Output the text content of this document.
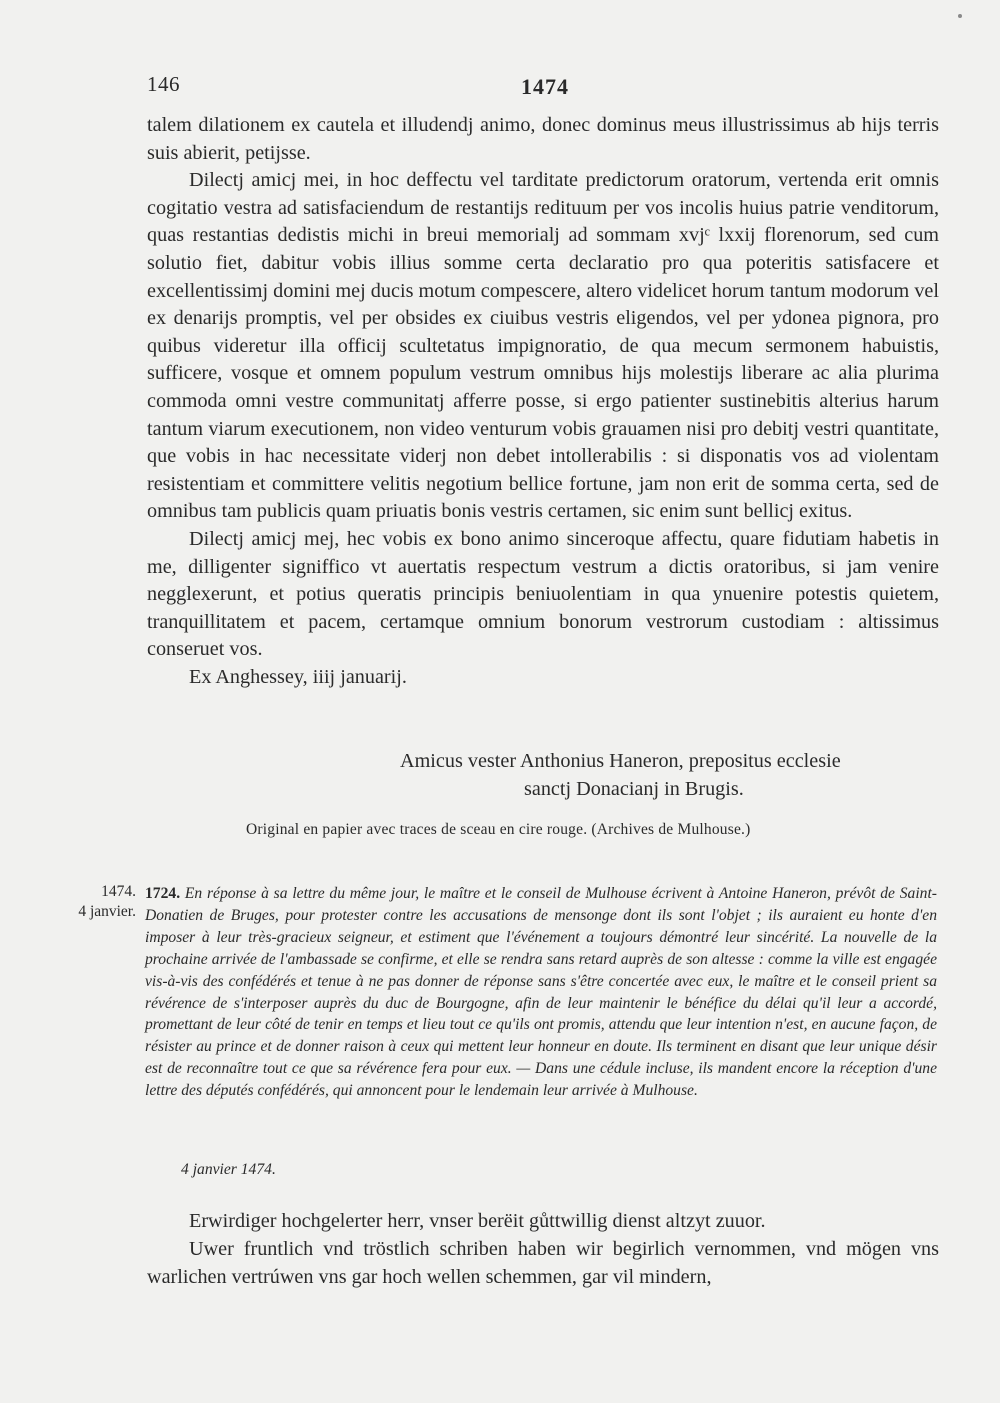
146	1474

talem dilationem ex cautela et illudendj animo, donec dominus meus illustrissimus ab hijs terris suis abierit, petijsse.

Dilectj amicj mei, in hoc deffectu vel tarditate predictorum oratorum, vertenda erit omnis cogitatio vestra ad satisfaciendum de restantijs redituum per vos incolis huius patrie venditorum, quas restantias dedistis michi in breui memorialj ad sommam xvjᶜ lxxij florenorum, sed cum solutio fiet, dabitur vobis illius somme certa declaratio pro qua poteritis satisfacere et excellentissimj domini mej ducis motum compescere, altero videlicet horum tantum modorum vel ex denarijs promptis, vel per obsides ex ciuibus vestris eligendos, vel per ydonea pignora, pro quibus videretur illa officij scultetatus impignoratio, de qua mecum sermonem habuistis, sufficere, vosque et omnem populum vestrum omnibus hijs molestijs liberare ac alia plurima commoda omni vestre communitatj afferre posse, si ergo patienter sustinebitis alterius harum tantum viarum executionem, non video venturum vobis grauamen nisi pro debitj vestri quantitate, que vobis in hac necessitate viderj non debet intollerabilis : si disponatis vos ad violentam resistentiam et committere velitis negotium bellice fortune, jam non erit de somma certa, sed de omnibus tam publicis quam priuatis bonis vestris certamen, sic enim sunt bellicj exitus.

Dilectj amicj mej, hec vobis ex bono animo sinceroque affectu, quare fidutiam habetis in me, dilligenter signiffico vt auertatis respectum vestrum a dictis oratoribus, si jam venire negglexerunt, et potius queratis principis beniuolentiam in qua ynuenire potestis quietem, tranquillitatem et pacem, certamque omnium bonorum vestrorum custodiam : altissimus conseruet vos.

Ex Anghessey, iiij januarij.

Amicus vester Anthonius Haneron, prepositus ecclesie
sanctj Donacianj in Brugis.
Original en papier avec traces de sceau en cire rouge. (Archives de Mulhouse.)
1474.
4 janvier.
1724. En réponse à sa lettre du même jour, le maître et le conseil de Mulhouse écrivent à Antoine Haneron, prévôt de Saint-Donatien de Bruges, pour protester contre les accusations de mensonge dont ils sont l'objet ; ils auraient eu honte d'en imposer à leur très-gracieux seigneur, et estiment que l'événement a toujours démontré leur sincérité. La nouvelle de la prochaine arrivée de l'ambassade se confirme, et elle se rendra sans retard auprès de son altesse : comme la ville est engagée vis-à-vis des confédérés et tenue à ne pas donner de réponse sans s'être concertée avec eux, le maître et le conseil prient sa révérence de s'interposer auprès du duc de Bourgogne, afin de leur maintenir le bénéfice du délai qu'il leur a accordé, promettant de leur côté de tenir en temps et lieu tout ce qu'ils ont promis, attendu que leur intention n'est, en aucune façon, de résister au prince et de donner raison à ceux qui mettent leur honneur en doute. Ils terminent en disant que leur unique désir est de reconnaître tout ce que sa révérence fera pour eux. — Dans une cédule incluse, ils mandent encore la réception d'une lettre des députés confédérés, qui annoncent pour le lendemain leur arrivée à Mulhouse.
4 janvier 1474.

Erwirdiger hochgelerter herr, vnser berёit gůttwillig dienst altzyt zuuor.

Uwer fruntlich vnd tröstlich schriben haben wir begirlich vernommen, vnd mögen vns warlichen vertrúwen vns gar hoch wellen schemmen, gar vil mindern,
